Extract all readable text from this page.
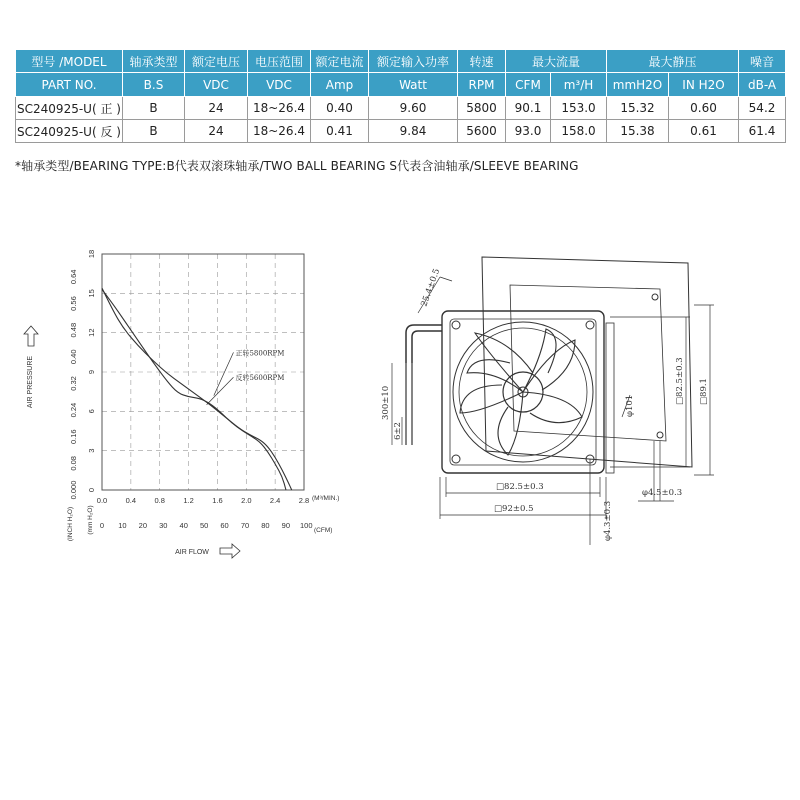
型号 /MODEL	轴承类型	额定电压	电压范围	额定电流	额定输入功率	转速	最大流量		最大静压		噪音
PART NO.	B.S	VDC	VDC	Amp	Watt	RPM	CFM	m³/H	mmH2O	IN H2O	dB-A
SC240925-U( 正 )	B	24	18~26.4	0.40	9.60	5800	90.1	153.0	15.32	0.60	54.2
SC240925-U( 反 )	B	24	18~26.4	0.41	9.84	5600	93.0	158.0	15.38	0.61	61.4
*轴承类型/BEARING TYPE:B代表双滚珠轴承/TWO BALL BEARING S代表含油轴承/SLEEVE BEARING
0.0 0.4 0.8 1.2 1.6 2.0 2.4 2.8
0
3
6
9
12
15
18
0.000
0.08
0.16
0.24
0.32
0.40
0.48
0.56
0.64
0 10 20 30 40 50 60 70 80 90 100
(M³/MIN.)
(CFM)
AIR FLOW
AIR PRESSURE
(INCH H₂O) (mm H₂O)
正转5800RPM
反转5600RPM
25.4±0.5
300±10
6±2
□82.5±0.3
□92±0.5
□82.5±0.3 □89.1
φ101
φ4.3±0.3
φ4.5±0.3
